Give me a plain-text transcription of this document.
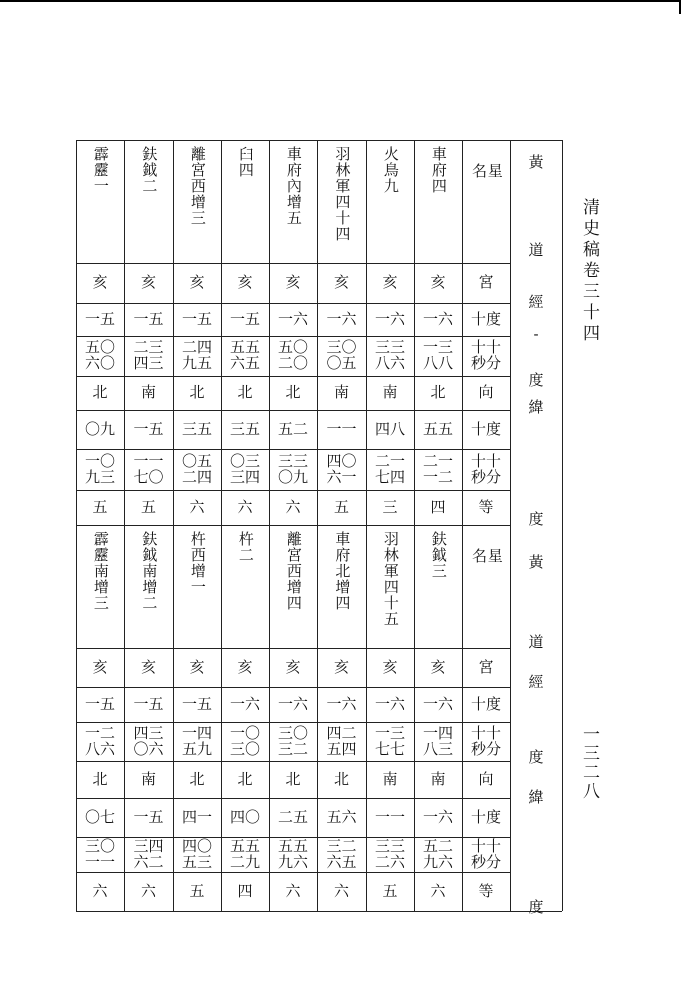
清史稿卷三十四
一三二八
霹靂一
亥
一五
五〇
六〇
北
〇九
一〇
九三
五
鈇鉞二
亥
一五
二三
四三
南
一五
一一
七〇
五
離宮西增三
亥
一五
二四
九五
北
三五
〇五
二四
六
臼四
亥
一五
五五
六五
北
三五
〇三
三四
六
車府內增五
亥
一六
五〇
二〇
北
五二
三三
〇九
六
羽林軍四十四
亥
一六
三〇
〇五
南
一一
四〇
六一
五
火鳥九
亥
一六
三三
八六
南
四八
二一
七四
三
車府四
亥
一六
一三
八八
北
五五
二一
一二
四
星名
宮
十度
十十
秒分
向
十度
十十
秒分
等
霹靂南增三
亥
一五
一二
八六
北
〇七
三〇
一一
六
鈇鉞南增二
亥
一五
四三
〇六
南
一五
三四
六二
六
杵西增一
亥
一五
一四
五九
北
四一
四〇
五三
五
杵二
亥
一六
一〇
三〇
北
四〇
五五
二九
四
離宮西增四
亥
一六
三〇
三二
北
二五
五五
九六
六
車府北增四
亥
一六
四二
五四
北
五六
三二
六五
六
羽林軍四十五
亥
一六
一三
七七
南
一一
三三
二六
五
鈇鉞三
亥
一六
一四
八三
南
一六
五二
九六
六
星名
宮
十度
十十
秒分
向
十度
十十
秒分
等
道
黃
經
-
度
緯
度
黃
道
經
度
緯
度
